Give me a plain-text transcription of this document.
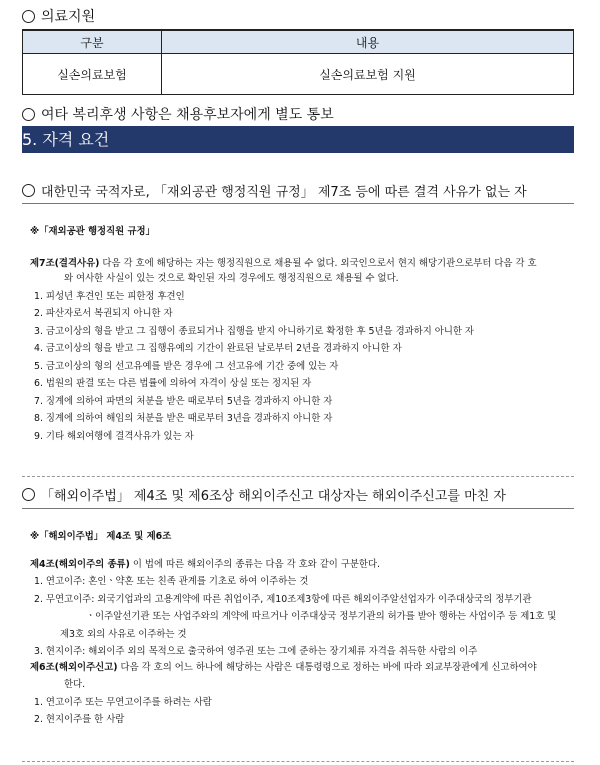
의료지원
구분	내용
실손의료보험	실손의료보험 지원
여타 복리후생 사항은 채용후보자에게 별도 통보
5. 자격 요건
대한민국 국적자로, 「재외공관 행정직원 규정」 제7조 등에 따른 결격 사유가 없는 자

※「재외공관 행정직원 규정」

제7조(결격사유) 다음 각 호에 해당하는 자는 행정직원으로 채용될 수 없다. 외국인으로서 현지 해당기관으로부터 다음 각 호

와 여사한 사실이 있는 것으로 확인된 자의 경우에도 행정직원으로 채용될 수 없다.

1. 피성년 후견인 또는 피한정 후견인

2. 파산자로서 복권되지 아니한 자

3. 금고이상의 형을 받고 그 집행이 종료되거나 집행을 받지 아니하기로 확정한 후 5년을 경과하지 아니한 자

4. 금고이상의 형을 받고 그 집행유예의 기간이 완료된 날로부터 2년을 경과하지 아니한 자

5. 금고이상의 형의 선고유예를 받은 경우에 그 선고유에 기간 중에 있는 자

6. 법원의 판결 또는 다른 법률에 의하여 자격이 상실 또는 정지된 자

7. 징계에 의하여 파면의 처분을 받은 때로부터 5년을 경과하지 아니한 자

8. 징계에 의하여 해임의 처분을 받은 때로부터 3년을 경과하지 아니한 자

9. 기타 해외여행에 결격사유가 있는 자

「해외이주법」 제4조 및 제6조상 해외이주신고 대상자는 해외이주신고를 마친 자

※「해외이주법」 제4조 및 제6조

제4조(해외이주의 종류) 이 법에 따른 해외이주의 종류는 다음 각 호와 같이 구분한다.

1. 연고이주: 혼인ㆍ약혼 또는 친족 관계를 기초로 하여 이주하는 것

2. 무연고이주: 외국기업과의 고용계약에 따른 취업이주, 제10조제3항에 따른 해외이주알선업자가 이주대상국의 정부기관

ㆍ이주알선기관 또는 사업주와의 계약에 따르거나 이주대상국 정부기관의 허가를 받아 행하는 사업이주 등 제1호 및

제3호 외의 사유로 이주하는 것

3. 현지이주: 해외이주 외의 목적으로 출국하여 영주권 또는 그에 준하는 장기체류 자격을 취득한 사람의 이주

제6조(해외이주신고) 다음 각 호의 어느 하나에 해당하는 사람은 대통령령으로 정하는 바에 따라 외교부장관에게 신고하여야

한다.

1. 연고이주 또는 무연고이주를 하려는 사람

2. 현지이주를 한 사람
